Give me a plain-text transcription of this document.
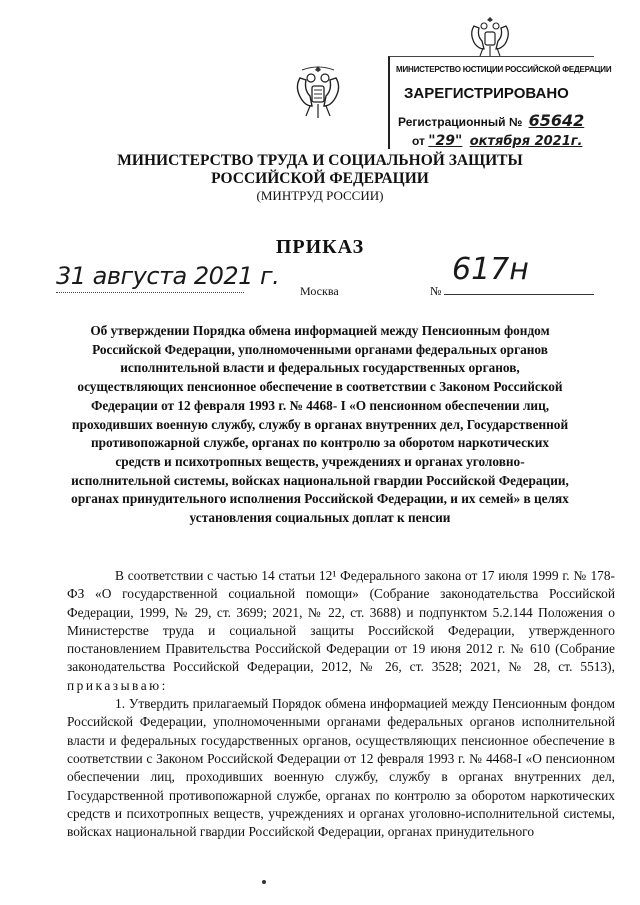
МИНИСТЕРСТВО ЮСТИЦИИ РОССИЙСКОЙ ФЕДЕРАЦИИ
ЗАРЕГИСТРИРОВАНО
Регистрационный № 65642
от "29" октября 2021г.
МИНИСТЕРСТВО ТРУДА И СОЦИАЛЬНОЙ ЗАЩИТЫ
РОССИЙСКОЙ ФЕДЕРАЦИИ
(МИНТРУД РОССИИ)
ПРИКАЗ
31 августа 2021 г.
Москва	№
617н
Об утверждении Порядка обмена информацией между Пенсионным фондом Российской Федерации, уполномоченными органами федеральных органов исполнительной власти и федеральных государственных органов, осуществляющих пенсионное обеспечение в соответствии с Законом Российской Федерации от 12 февраля 1993 г. № 4468- I «О пенсионном обеспечении лиц, проходивших военную службу, службу в органах внутренних дел, Государственной противопожарной службе, органах по контролю за оборотом наркотических средств и психотропных веществ, учреждениях и органах уголовно-исполнительной системы, войсках национальной гвардии Российской Федерации, органах принудительного исполнения Российской Федерации, и их семей» в целях установления социальных доплат к пенсии

В соответствии с частью 14 статьи 12¹ Федерального закона от 17 июля 1999 г. № 178-ФЗ «О государственной социальной помощи» (Собрание законодательства Российской Федерации, 1999, № 29, ст. 3699; 2021, № 22, ст. 3688) и подпунктом 5.2.144 Положения о Министерстве труда и социальной защиты Российской Федерации, утвержденного постановлением Правительства Российской Федерации от 19 июня 2012 г. № 610 (Собрание законодательства Российской Федерации, 2012, № 26, ст. 3528; 2021, № 28, ст. 5513), приказываю:

1. Утвердить прилагаемый Порядок обмена информацией между Пенсионным фондом Российской Федерации, уполномоченными органами федеральных органов исполнительной власти и федеральных государственных органов, осуществляющих пенсионное обеспечение в соответствии с Законом Российской Федерации от 12 февраля 1993 г. № 4468-I «О пенсионном обеспечении лиц, проходивших военную службу, службу в органах внутренних дел, Государственной противопожарной службе, органах по контролю за оборотом наркотических средств и психотропных веществ, учреждениях и органах уголовно-исполнительной системы, войсках национальной гвардии Российской Федерации, органах принудительного
